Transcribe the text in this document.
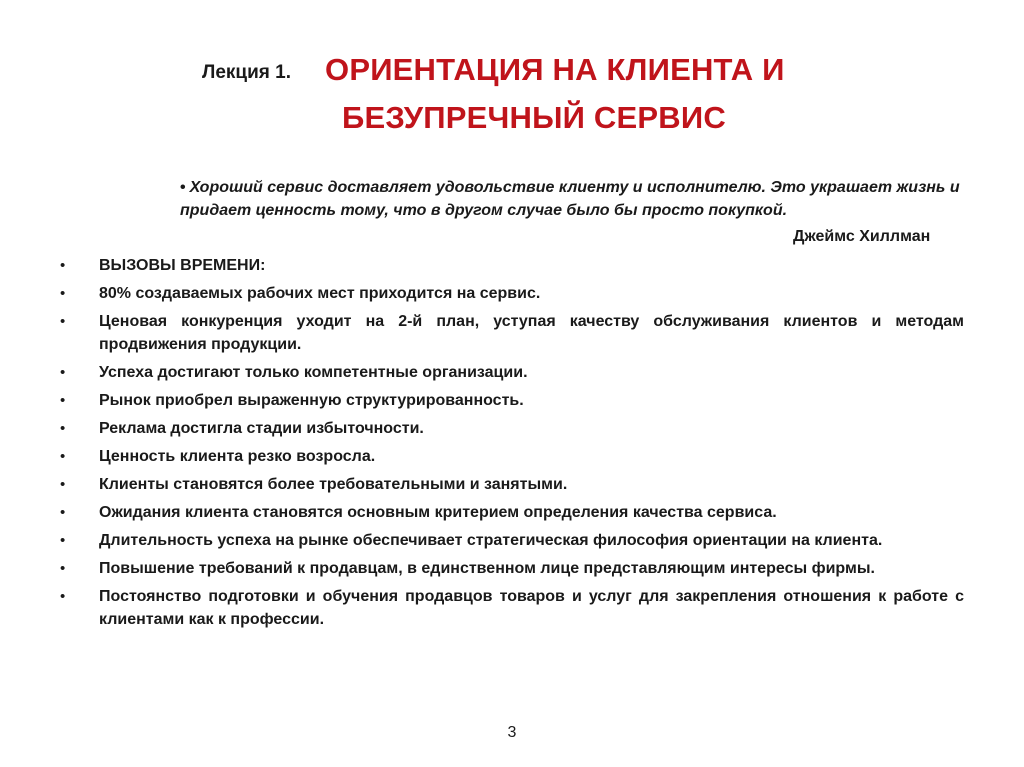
Лекция 1. ОРИЕНТАЦИЯ НА КЛИЕНТА И
БЕЗУПРЕЧНЫЙ СЕРВИС
• Хороший сервис доставляет удовольствие клиенту и исполнителю. Это украшает жизнь и придает ценность тому, что в другом случае было бы просто покупкой.
Джеймс Хиллман
• ВЫЗОВЫ ВРЕМЕНИ:
• 80% создаваемых рабочих мест приходится на сервис.
• Ценовая конкуренция уходит на 2-й план, уступая качеству обслуживания клиентов и методам продвижения продукции.
• Успеха достигают только компетентные организации.
• Рынок приобрел выраженную структурированность.
• Реклама достигла стадии избыточности.
• Ценность клиента резко возросла.
• Клиенты становятся более требовательными и занятыми.
• Ожидания клиента становятся основным критерием определения качества сервиса.
• Длительность успеха на рынке обеспечивает стратегическая философия ориентации на клиента.
• Повышение требований к продавцам, в единственном лице представляющим интересы фирмы.
• Постоянство подготовки и обучения продавцов товаров и услуг для закрепления отношения к работе с клиентами как к профессии.
3
